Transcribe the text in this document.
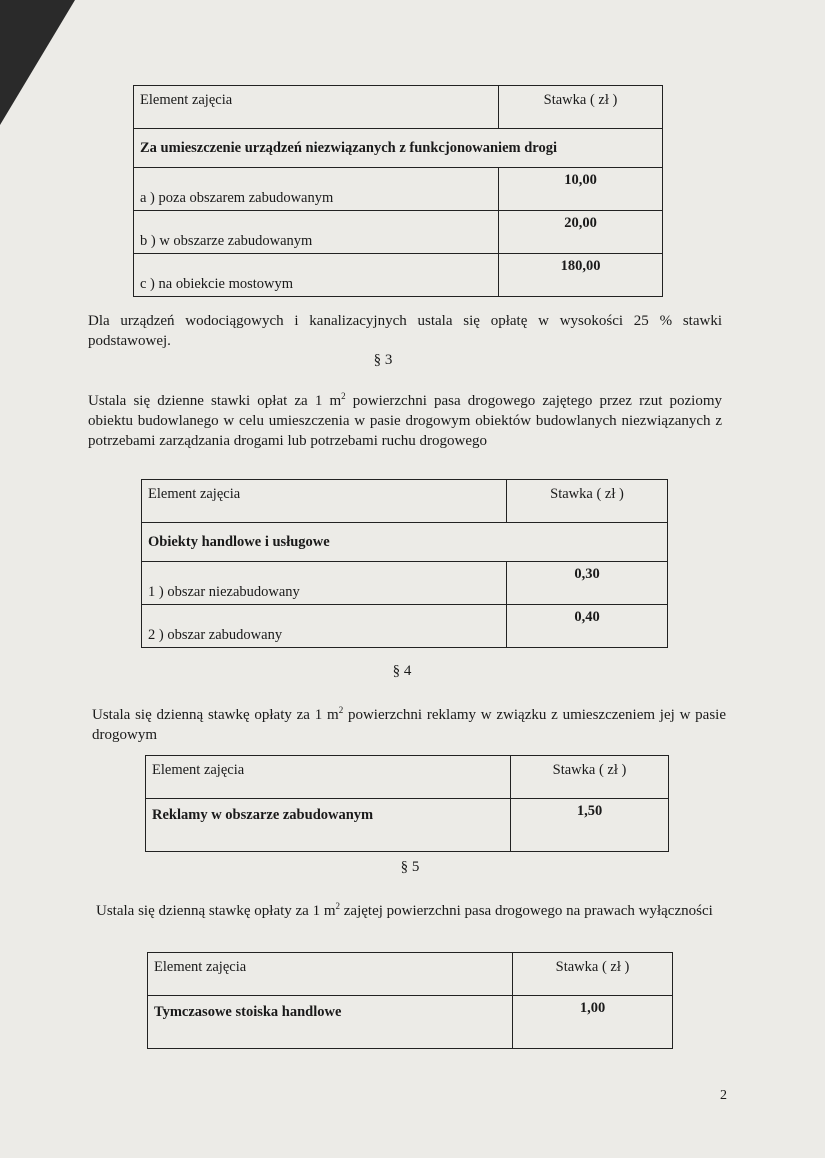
Element zajęcia	Stawka ( zł )
Za umieszczenie urządzeń niezwiązanych z funkcjonowaniem drogi	
a ) poza obszarem zabudowanym	10,00
b ) w obszarze zabudowanym	20,00
c ) na obiekcie mostowym	180,00
Dla urządzeń wodociągowych i kanalizacyjnych ustala się opłatę w wysokości 25 % stawki podstawowej.
§ 3
Ustala się dzienne stawki opłat za 1 $m^2$ powierzchni pasa drogowego zajętego przez rzut poziomy obiektu budowlanego w celu umieszczenia w pasie drogowym obiektów budowlanych niezwiązanych z potrzebami zarządzania drogami lub potrzebami ruchu drogowego
Element zajęcia	Stawka ( zł )
Obiekty handlowe i usługowe	
1 ) obszar niezabudowany	0,30
2 ) obszar zabudowany	0,40
§ 4
Ustala się dzienną stawkę opłaty za 1 $m^2$ powierzchni reklamy w związku z umieszczeniem jej w pasie drogowym
Element zajęcia	Stawka ( zł )
Reklamy w obszarze zabudowanym	1,50
§ 5
Ustala się dzienną stawkę opłaty za 1 $m^2$ zajętej powierzchni pasa drogowego na prawach wyłączności
Element zajęcia	Stawka ( zł )
Tymczasowe stoiska handlowe	1,00
2
